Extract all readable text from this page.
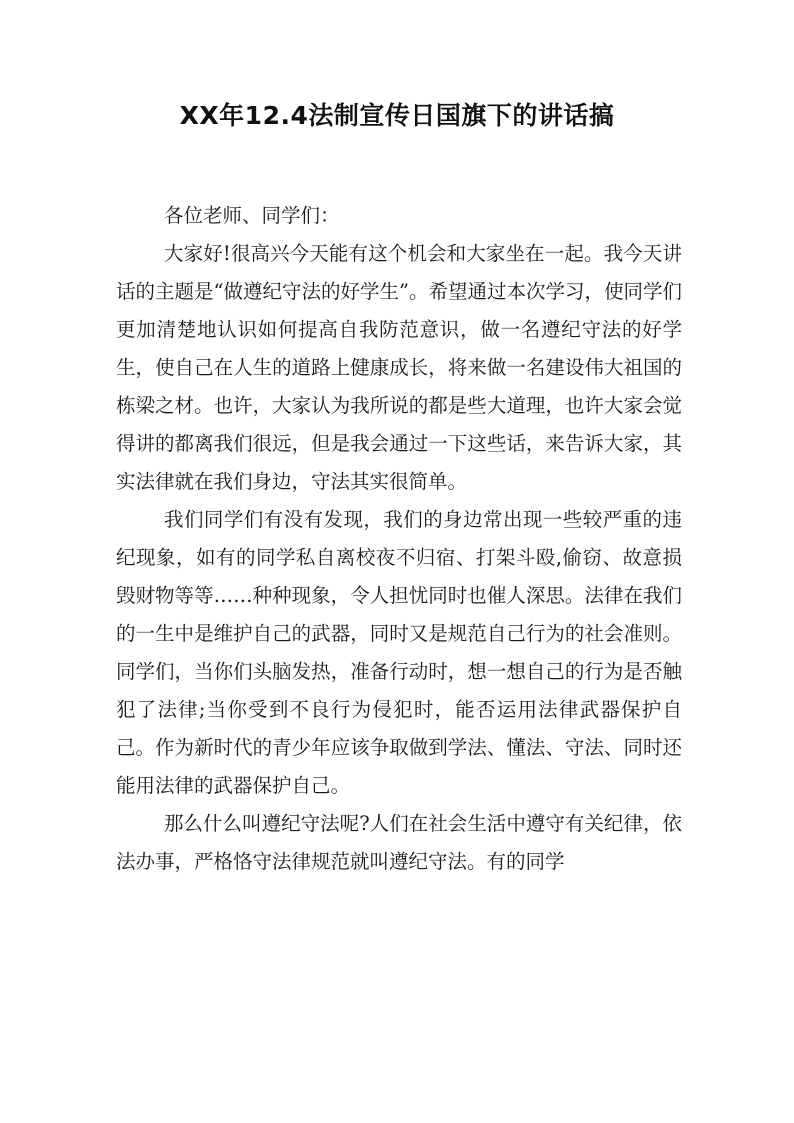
XX年12.4法制宣传日国旗下的讲话搞

各位老师、同学们：

大家好!很高兴今天能有这个机会和大家坐在一起。我今天讲话的主题是“做遵纪守法的好学生”。希望通过本次学习，使同学们更加清楚地认识如何提高自我防范意识，做一名遵纪守法的好学生，使自己在人生的道路上健康成长，将来做一名建设伟大祖国的栋梁之材。也许，大家认为我所说的都是些大道理，也许大家会觉得讲的都离我们很远，但是我会通过一下这些话，来告诉大家，其实法律就在我们身边，守法其实很简单。

我们同学们有没有发现，我们的身边常出现一些较严重的违纪现象，如有的同学私自离校夜不归宿、打架斗殴,偷窃、故意损毁财物等等……种种现象，令人担忧同时也催人深思。法律在我们的一生中是维护自己的武器，同时又是规范自己行为的社会准则。同学们，当你们头脑发热，准备行动时，想一想自己的行为是否触犯了法律;当你受到不良行为侵犯时，能否运用法律武器保护自己。作为新时代的青少年应该争取做到学法、懂法、守法、同时还能用法律的武器保护自己。

那么什么叫遵纪守法呢?人们在社会生活中遵守有关纪律，依法办事，严格恪守法律规范就叫遵纪守法。有的同学
